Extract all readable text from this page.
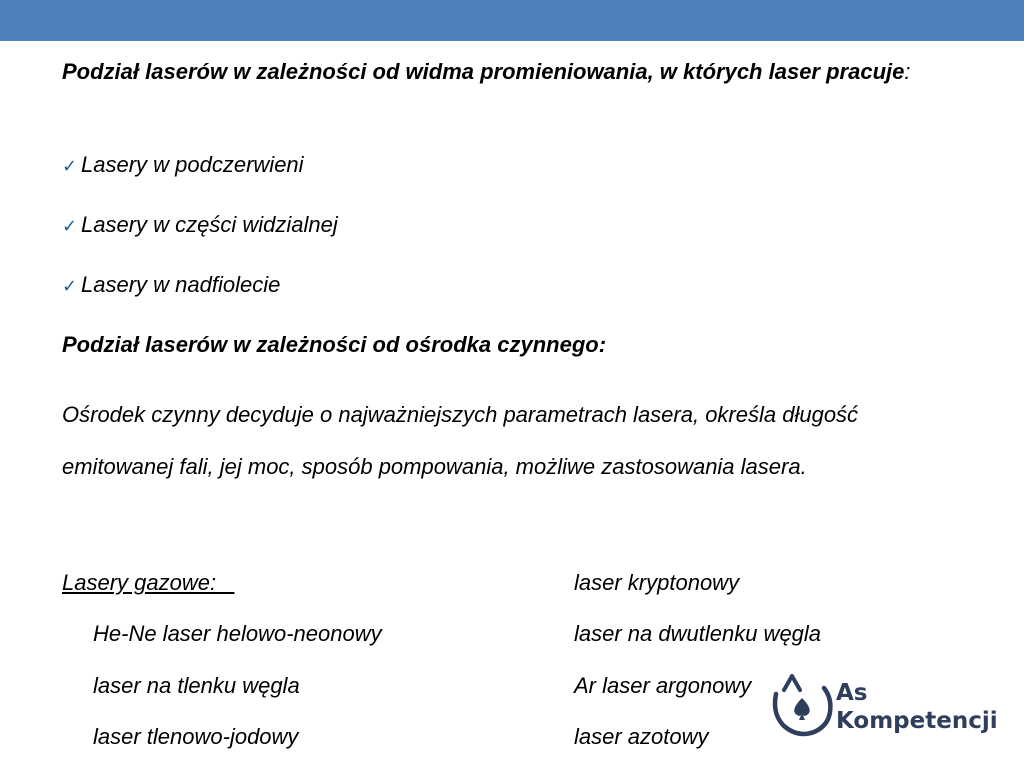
Podział laserów w zależności od widma promieniowania, w których laser pracuje:
✓ Lasery w podczerwieni
✓ Lasery w części widzialnej
✓ Lasery w nadfiolecie
Podział laserów w zależności od ośrodka czynnego:
Ośrodek czynny decyduje o najważniejszych parametrach lasera, określa długość emitowanej fali, jej moc, sposób pompowania, możliwe zastosowania lasera.
Lasery gazowe:
He-Ne laser helowo-neonowy
laser na tlenku węgla
laser tlenowo-jodowy
laser kryptonowy
laser na dwutlenku węgla
Ar laser argonowy
laser azotowy
As
Kompetencji
